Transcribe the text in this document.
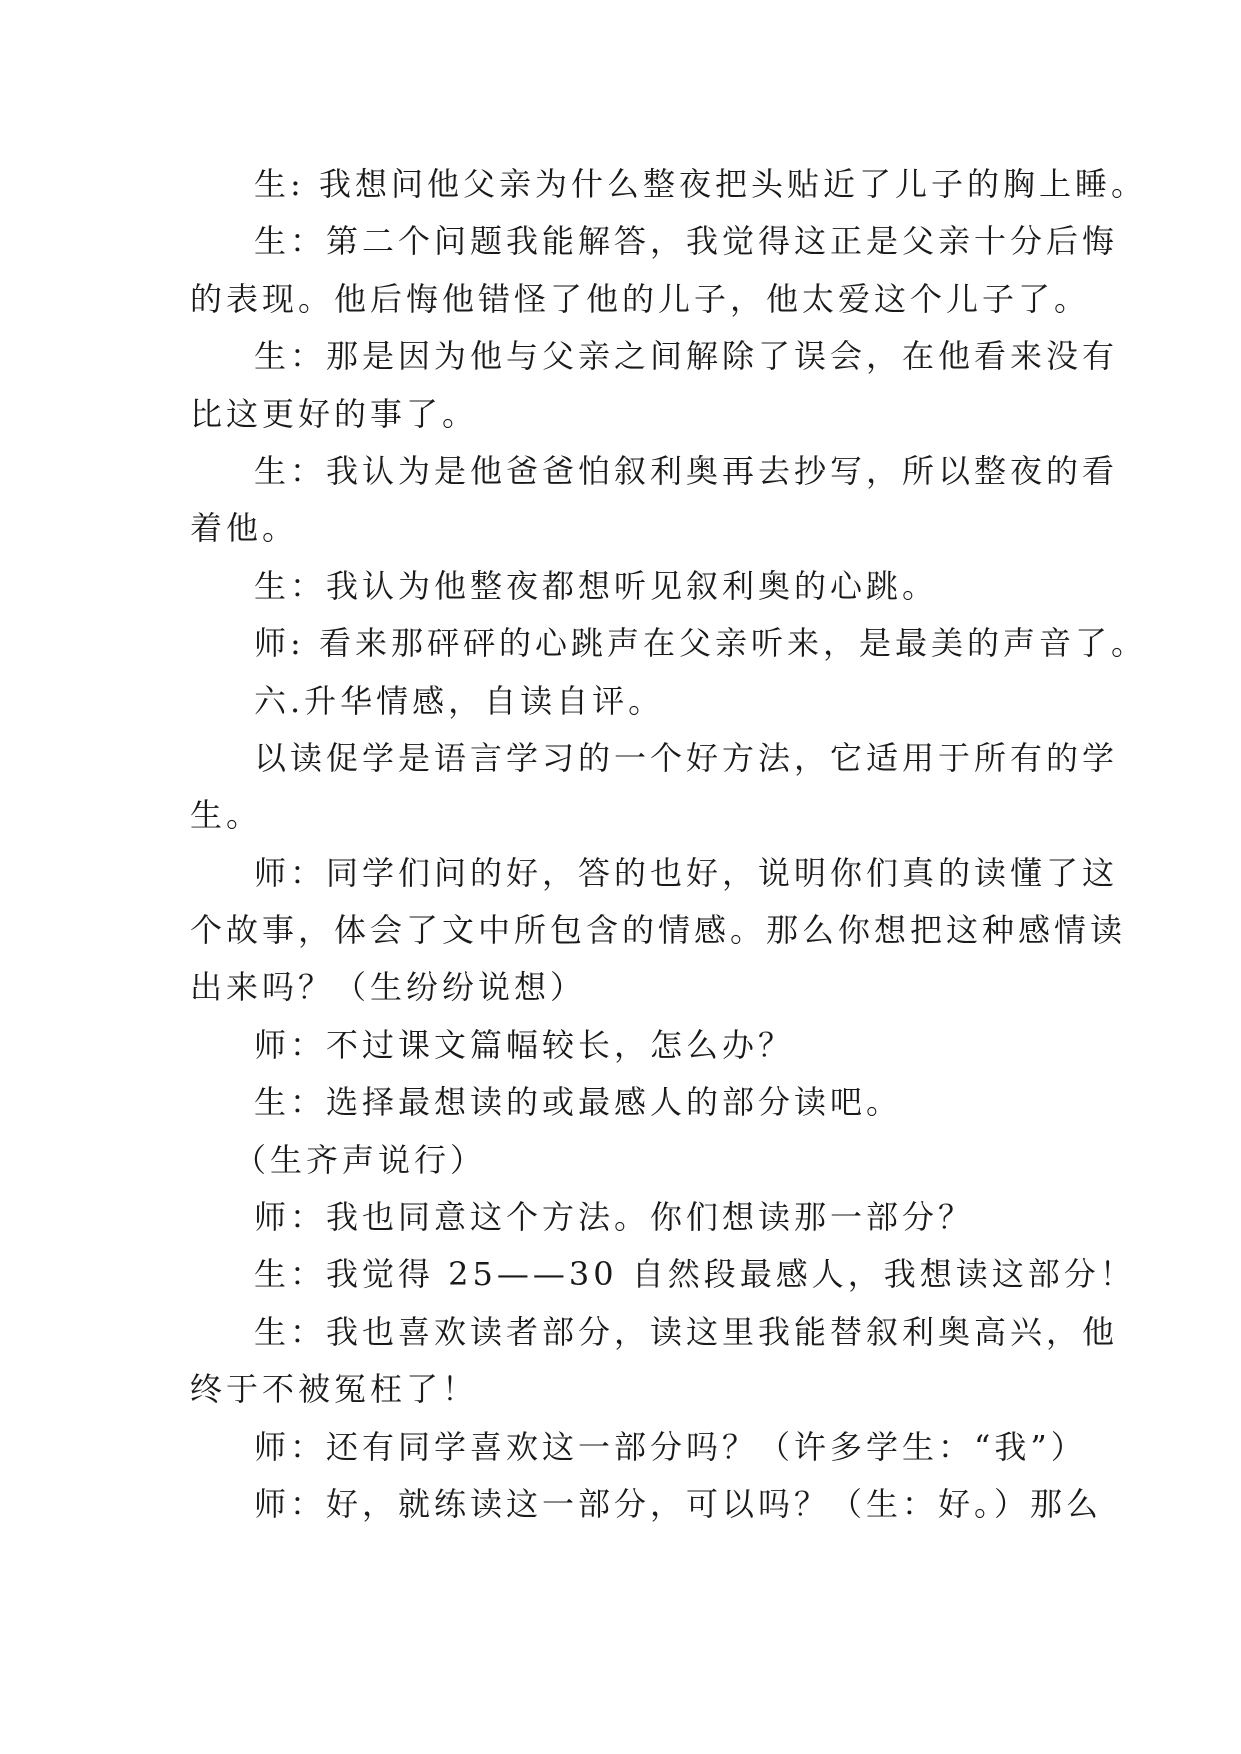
生: 我想问他父亲为什么整夜把头贴近了儿子的胸上睡。
生：第二个问题我能解答，我觉得这正是父亲十分后悔
的表现。他后悔他错怪了他的儿子，他太爱这个儿子了。
生：那是因为他与父亲之间解除了误会，在他看来没有
比这更好的事了。
生：我认为是他爸爸怕叙利奥再去抄写，所以整夜的看
着他。
生：我认为他整夜都想听见叙利奥的心跳。
师: 看来那砰砰的心跳声在父亲听来，是最美的声音了。
六.升华情感，自读自评。
以读促学是语言学习的一个好方法，它适用于所有的学
生。
师：同学们问的好，答的也好，说明你们真的读懂了这
个故事，体会了文中所包含的情感。那么你想把这种感情读
出来吗？（生纷纷说想）
师：不过课文篇幅较长，怎么办？
生：选择最想读的或最感人的部分读吧。
（生齐声说行）
师：我也同意这个方法。你们想读那一部分？
生：我觉得 25——30 自然段最感人，我想读这部分！
生：我也喜欢读者部分，读这里我能替叙利奥高兴，他
终于不被冤枉了！
师：还有同学喜欢这一部分吗？（许多学生：“我”）
师：好，就练读这一部分，可以吗？（生：好。）那么
